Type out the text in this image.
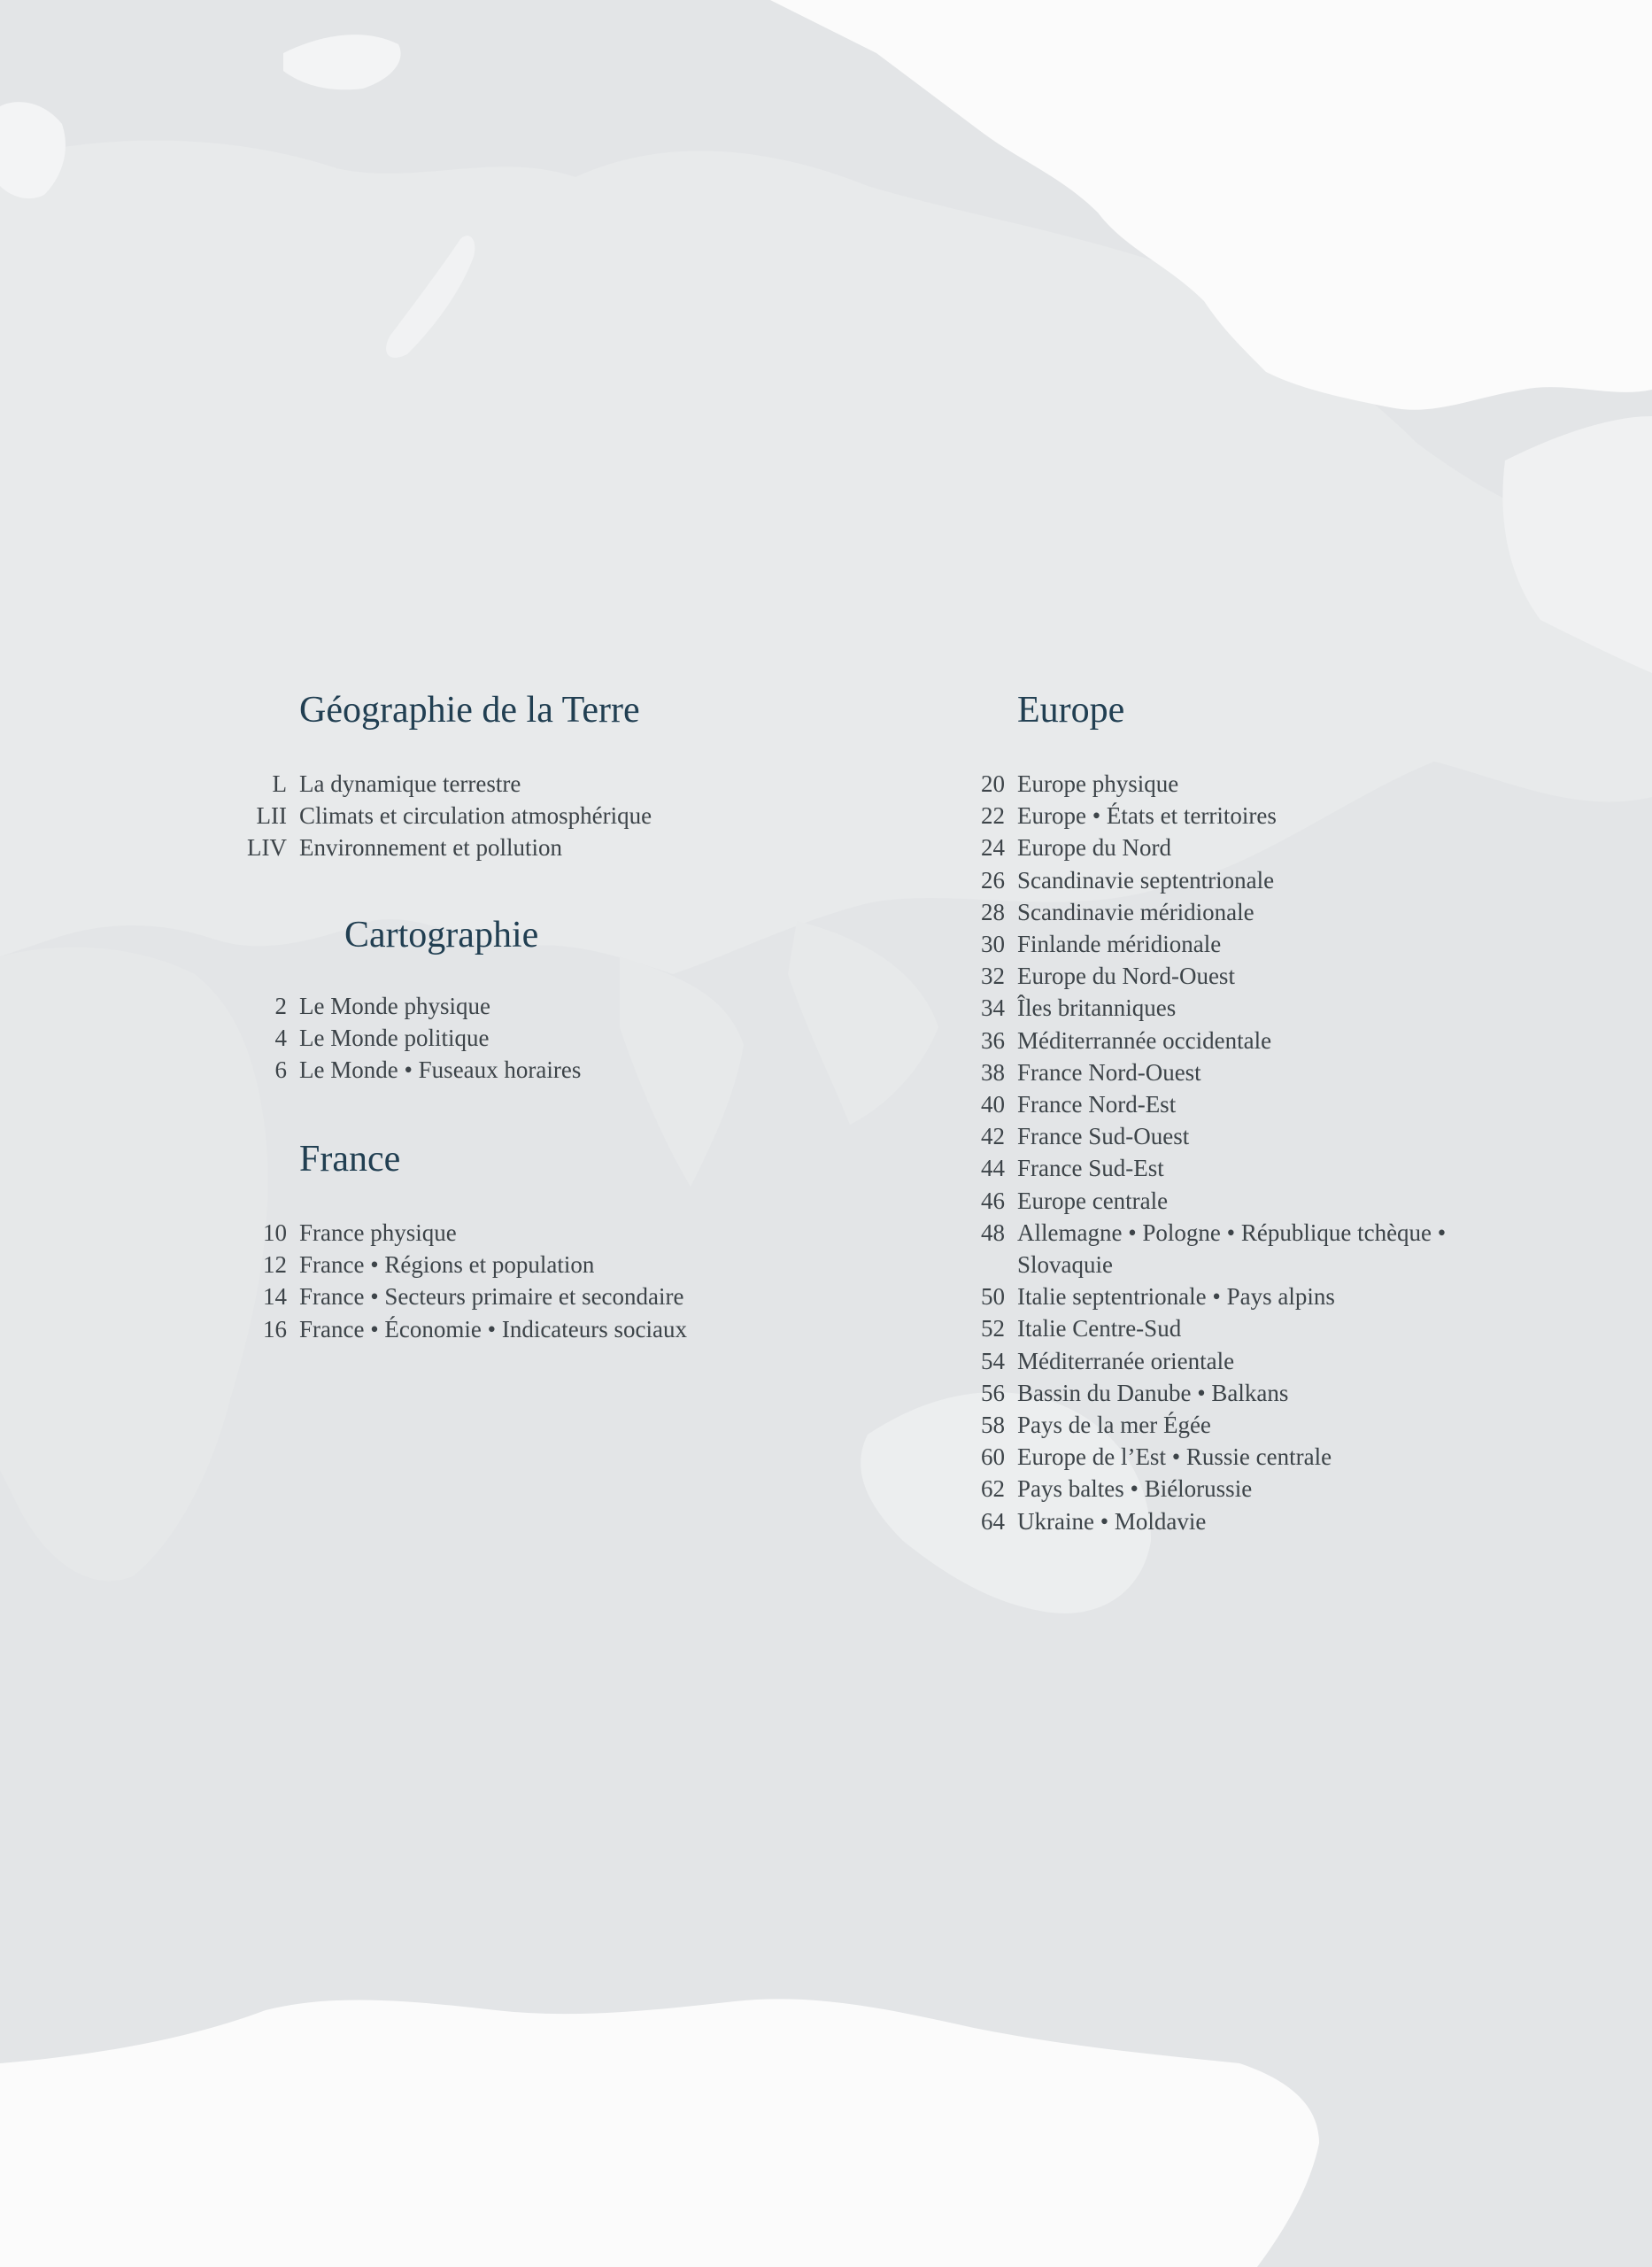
Géographie de la Terre
L La dynamique terrestre
LII Climats et circulation atmosphérique
LIV Environnement et pollution
Cartographie
2 Le Monde physique
4 Le Monde politique
6 Le Monde • Fuseaux horaires
France
10 France physique
12 France • Régions et population
14 France • Secteurs primaire et secondaire
16 France • Économie • Indicateurs sociaux
Europe
20 Europe physique
22 Europe • États et territoires
24 Europe du Nord
26 Scandinavie septentrionale
28 Scandinavie méridionale
30 Finlande méridionale
32 Europe du Nord-Ouest
34 Îles britanniques
36 Méditerrannée occidentale
38 France Nord-Ouest
40 France Nord-Est
42 France Sud-Ouest
44 France Sud-Est
46 Europe centrale
48 Allemagne • Pologne • République tchèque • Slovaquie
50 Italie septentrionale • Pays alpins
52 Italie Centre-Sud
54 Méditerranée orientale
56 Bassin du Danube • Balkans
58 Pays de la mer Égée
60 Europe de l’Est • Russie centrale
62 Pays baltes • Biélorussie
64 Ukraine • Moldavie
